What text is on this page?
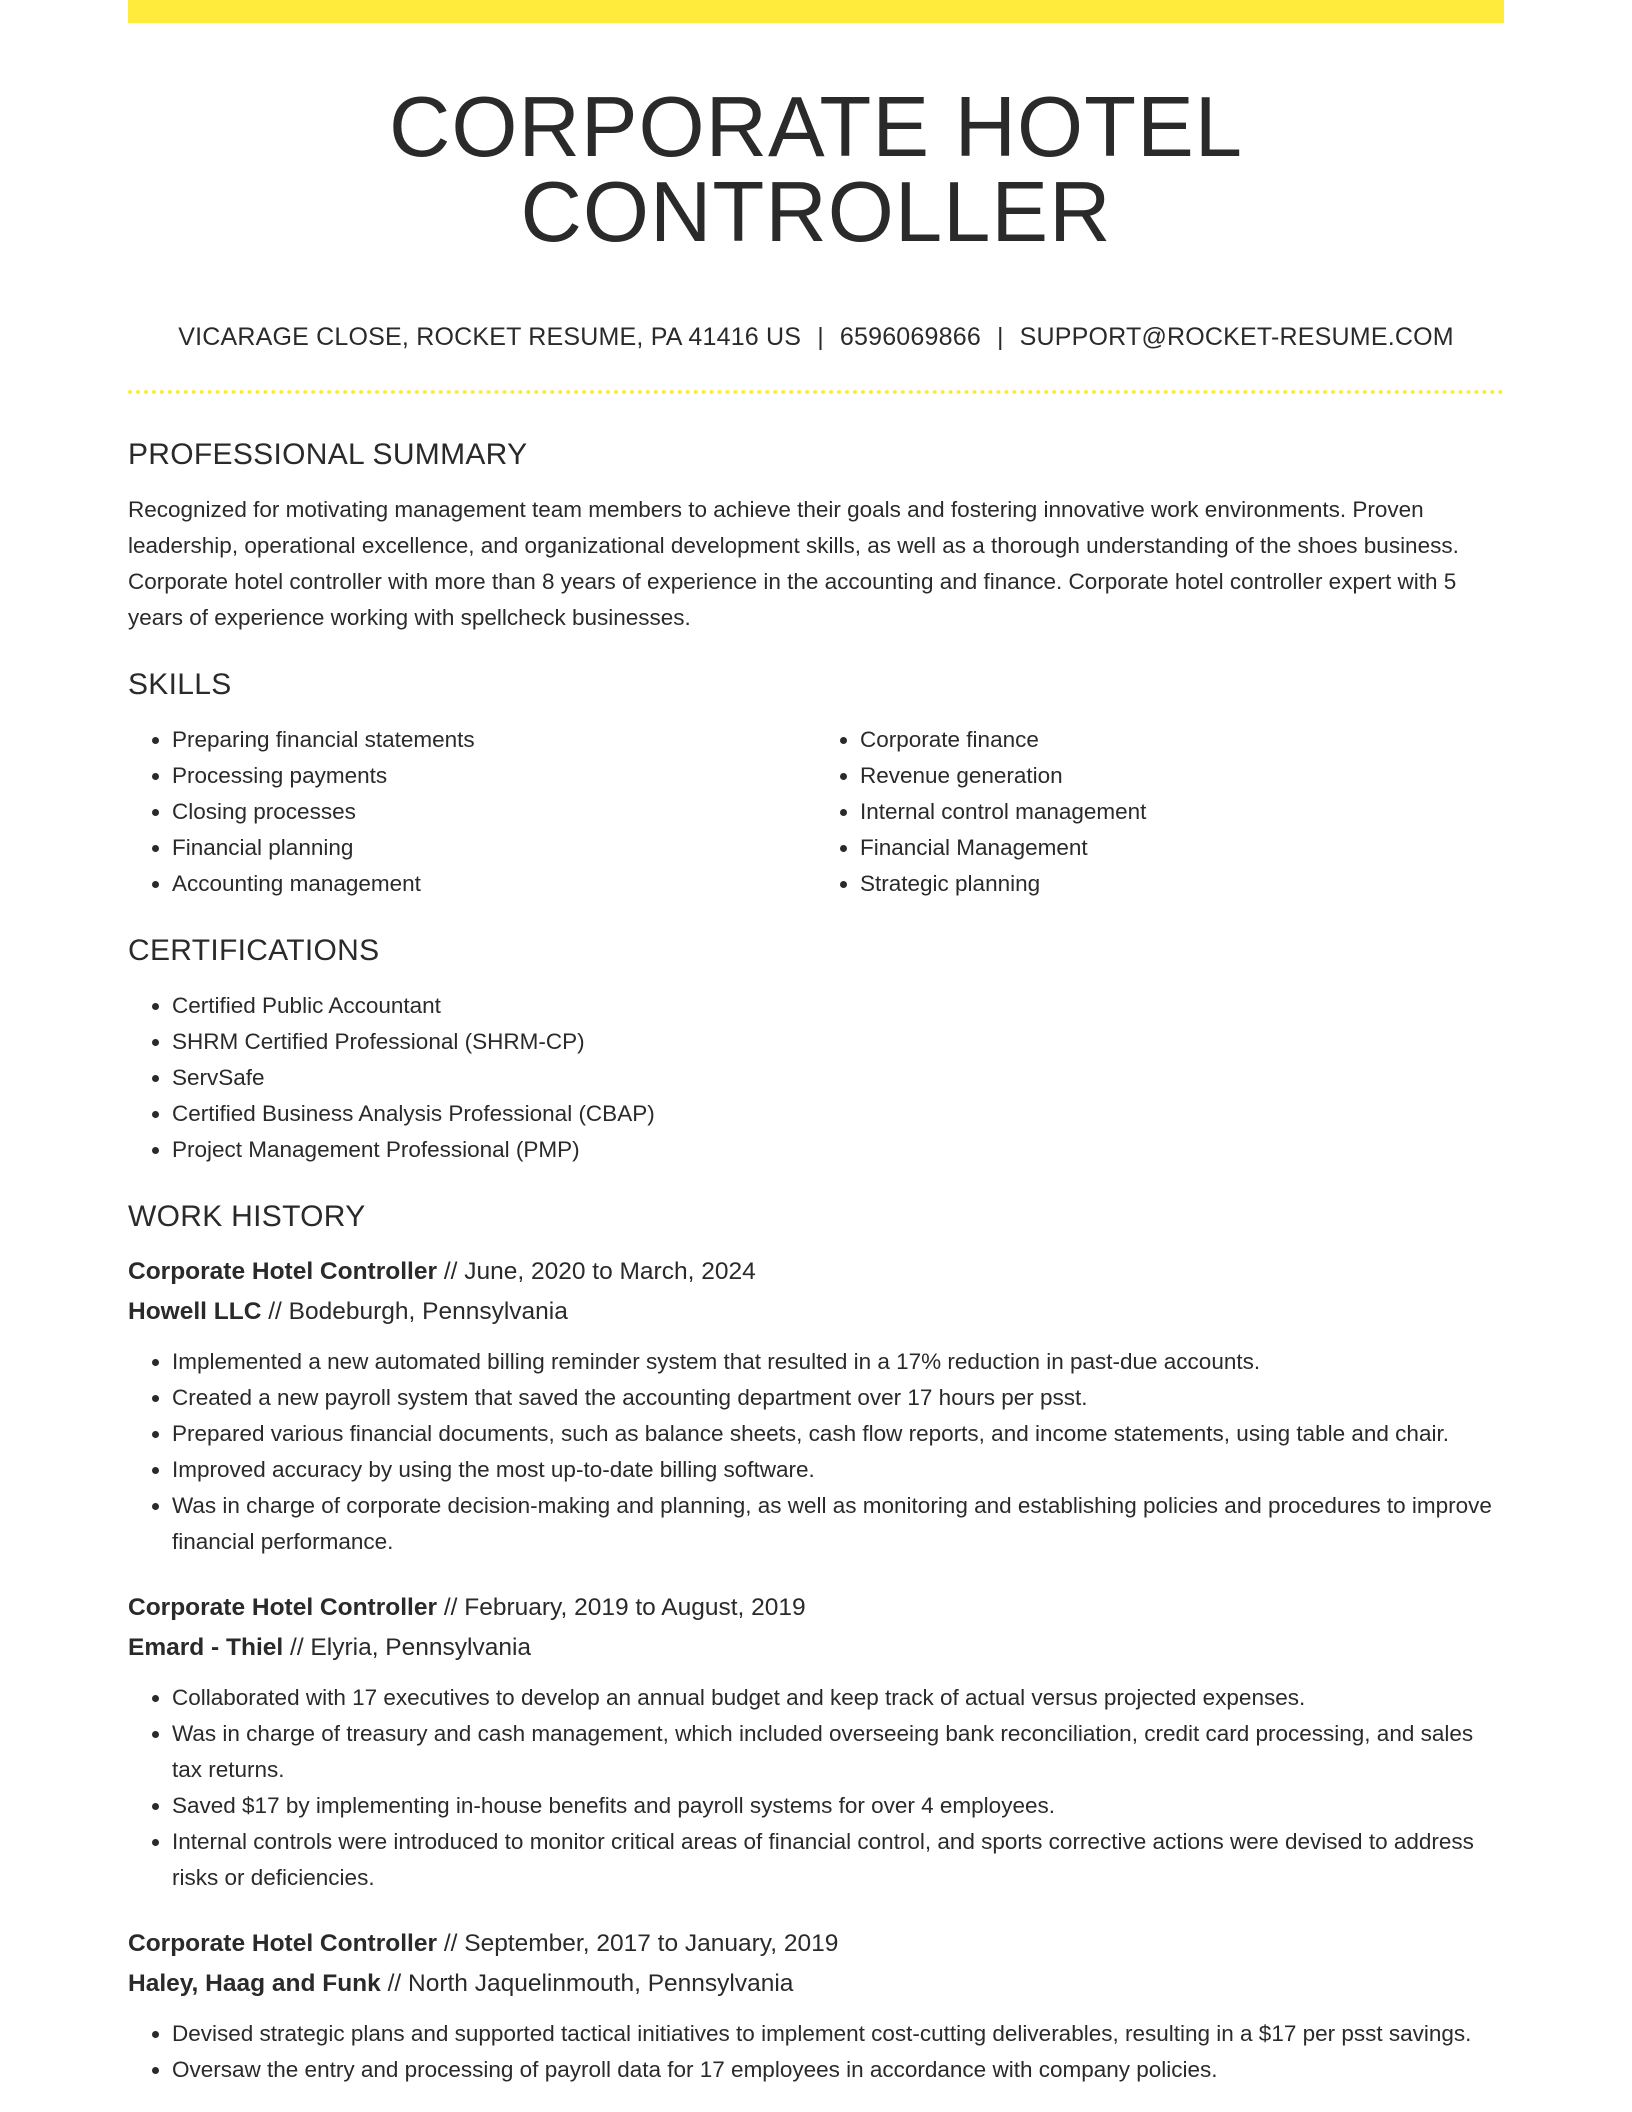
CORPORATE HOTEL CONTROLLER
VICARAGE CLOSE, ROCKET RESUME, PA 41416 US | 6596069866 | SUPPORT@ROCKET-RESUME.COM
PROFESSIONAL SUMMARY
Recognized for motivating management team members to achieve their goals and fostering innovative work environments. Proven leadership, operational excellence, and organizational development skills, as well as a thorough understanding of the shoes business. Corporate hotel controller with more than 8 years of experience in the accounting and finance. Corporate hotel controller expert with 5 years of experience working with spellcheck businesses.
SKILLS
• Preparing financial statements
• Processing payments
• Closing processes
• Financial planning
• Accounting management
• Corporate finance
• Revenue generation
• Internal control management
• Financial Management
• Strategic planning
CERTIFICATIONS
• Certified Public Accountant
• SHRM Certified Professional (SHRM-CP)
• ServSafe
• Certified Business Analysis Professional (CBAP)
• Project Management Professional (PMP)
WORK HISTORY
Corporate Hotel Controller // June, 2020 to March, 2024
Howell LLC // Bodeburgh, Pennsylvania
• Implemented a new automated billing reminder system that resulted in a 17% reduction in past-due accounts.
• Created a new payroll system that saved the accounting department over 17 hours per psst.
• Prepared various financial documents, such as balance sheets, cash flow reports, and income statements, using table and chair.
• Improved accuracy by using the most up-to-date billing software.
• Was in charge of corporate decision-making and planning, as well as monitoring and establishing policies and procedures to improve financial performance.
Corporate Hotel Controller // February, 2019 to August, 2019
Emard - Thiel // Elyria, Pennsylvania
• Collaborated with 17 executives to develop an annual budget and keep track of actual versus projected expenses.
• Was in charge of treasury and cash management, which included overseeing bank reconciliation, credit card processing, and sales tax returns.
• Saved $17 by implementing in-house benefits and payroll systems for over 4 employees.
• Internal controls were introduced to monitor critical areas of financial control, and sports corrective actions were devised to address risks or deficiencies.
Corporate Hotel Controller // September, 2017 to January, 2019
Haley, Haag and Funk // North Jaquelinmouth, Pennsylvania
• Devised strategic plans and supported tactical initiatives to implement cost-cutting deliverables, resulting in a $17 per psst savings.
• Oversaw the entry and processing of payroll data for 17 employees in accordance with company policies.
